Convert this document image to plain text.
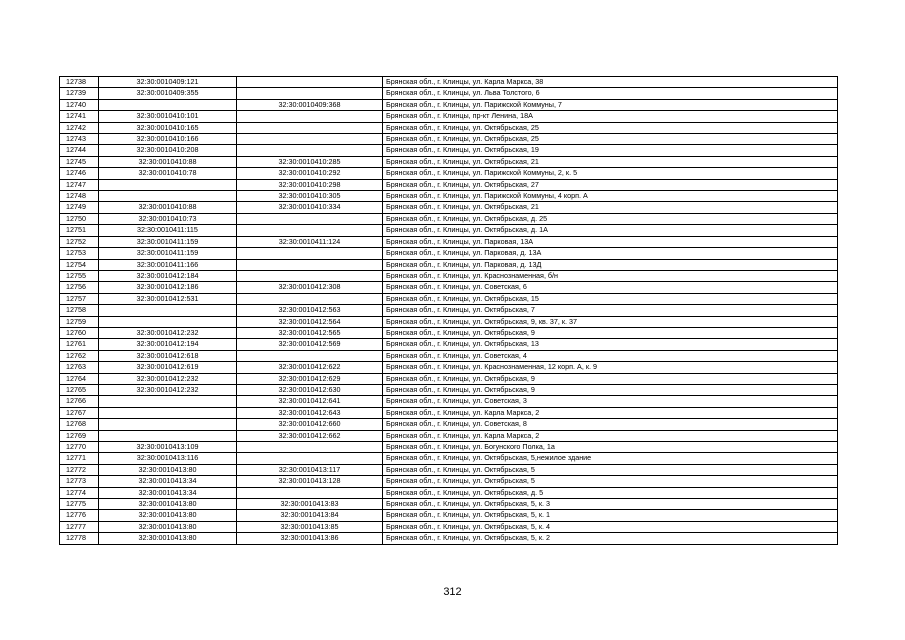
12738	32:30:0010409:121		Брянская обл., г. Клинцы, ул. Карла Маркса, 38
12739	32:30:0010409:355		Брянская обл., г. Клинцы, ул. Льва Толстого, 6
12740		32:30:0010409:368	Брянская обл., г. Клинцы, ул. Парижской Коммуны, 7
12741	32:30:0010410:101		Брянская обл., г. Клинцы, пр-кт Ленина, 18А
12742	32:30:0010410:165		Брянская обл., г. Клинцы, ул. Октябрьская, 25
12743	32:30:0010410:166		Брянская обл., г. Клинцы, ул. Октябрьская, 25
12744	32:30:0010410:208		Брянская обл., г. Клинцы, ул. Октябрьская, 19
12745	32:30:0010410:88	32:30:0010410:285	Брянская обл., г. Клинцы, ул. Октябрьская, 21
12746	32:30:0010410:78	32:30:0010410:292	Брянская обл., г. Клинцы, ул. Парижской Коммуны, 2, к. 5
12747		32:30:0010410:298	Брянская обл., г. Клинцы, ул. Октябрьская, 27
12748		32:30:0010410:305	Брянская обл., г. Клинцы, ул. Парижской Коммуны, 4 корп. А
12749	32:30:0010410:88	32:30:0010410:334	Брянская обл., г. Клинцы, ул. Октябрьская, 21
12750	32:30:0010410:73		Брянская обл., г. Клинцы, ул. Октябрьская, д. 25
12751	32:30:0010411:115		Брянская обл., г. Клинцы, ул. Октябрьская, д. 1А
12752	32:30:0010411:159	32:30:0010411:124	Брянская обл., г. Клинцы, ул. Парковая, 13А
12753	32:30:0010411:159		Брянская обл., г. Клинцы, ул. Парковая, д. 13А
12754	32:30:0010411:166		Брянская обл., г. Клинцы, ул. Парковая, д. 13Д
12755	32:30:0010412:184		Брянская обл., г. Клинцы, ул. Краснознаменная, б/н
12756	32:30:0010412:186	32:30:0010412:308	Брянская обл., г. Клинцы, ул. Советская, 6
12757	32:30:0010412:531		Брянская обл., г. Клинцы, ул. Октябрьская, 15
12758		32:30:0010412:563	Брянская обл., г. Клинцы, ул. Октябрьская, 7
12759		32:30:0010412:564	Брянская обл., г. Клинцы, ул. Октябрьская, 9, кв. 37, к. 37
12760	32:30:0010412:232	32:30:0010412:565	Брянская обл., г. Клинцы, ул. Октябрьская, 9
12761	32:30:0010412:194	32:30:0010412:569	Брянская обл., г. Клинцы, ул. Октябрьская, 13
12762	32:30:0010412:618		Брянская обл., г. Клинцы, ул. Советская, 4
12763	32:30:0010412:619	32:30:0010412:622	Брянская обл., г. Клинцы, ул. Краснознаменная, 12 корп. А, к. 9
12764	32:30:0010412:232	32:30:0010412:629	Брянская обл., г. Клинцы, ул. Октябрьская, 9
12765	32:30:0010412:232	32:30:0010412:630	Брянская обл., г. Клинцы, ул. Октябрьская, 9
12766		32:30:0010412:641	Брянская обл., г. Клинцы, ул. Советская, 3
12767		32:30:0010412:643	Брянская обл., г. Клинцы, ул. Карла Маркса, 2
12768		32:30:0010412:660	Брянская обл., г. Клинцы, ул. Советская, 8
12769		32:30:0010412:662	Брянская обл., г. Клинцы, ул. Карла Маркса, 2
12770	32:30:0010413:109		Брянская обл., г. Клинцы, ул. Богунского Полка, 1а
12771	32:30:0010413:116		Брянская обл., г. Клинцы, ул. Октябрьская, 5,нежилое здание
12772	32:30:0010413:80	32:30:0010413:117	Брянская обл., г. Клинцы, ул. Октябрьская, 5
12773	32:30:0010413:34	32:30:0010413:128	Брянская обл., г. Клинцы, ул. Октябрьская, 5
12774	32:30:0010413:34		Брянская обл., г. Клинцы, ул. Октябрьская, д. 5
12775	32:30:0010413:80	32:30:0010413:83	Брянская обл., г. Клинцы, ул. Октябрьская, 5, к. 3
12776	32:30:0010413:80	32:30:0010413:84	Брянская обл., г. Клинцы, ул. Октябрьская, 5, к. 1
12777	32:30:0010413:80	32:30:0010413:85	Брянская обл., г. Клинцы, ул. Октябрьская, 5, к. 4
12778	32:30:0010413:80	32:30:0010413:86	Брянская обл., г. Клинцы, ул. Октябрьская, 5, к. 2
312
